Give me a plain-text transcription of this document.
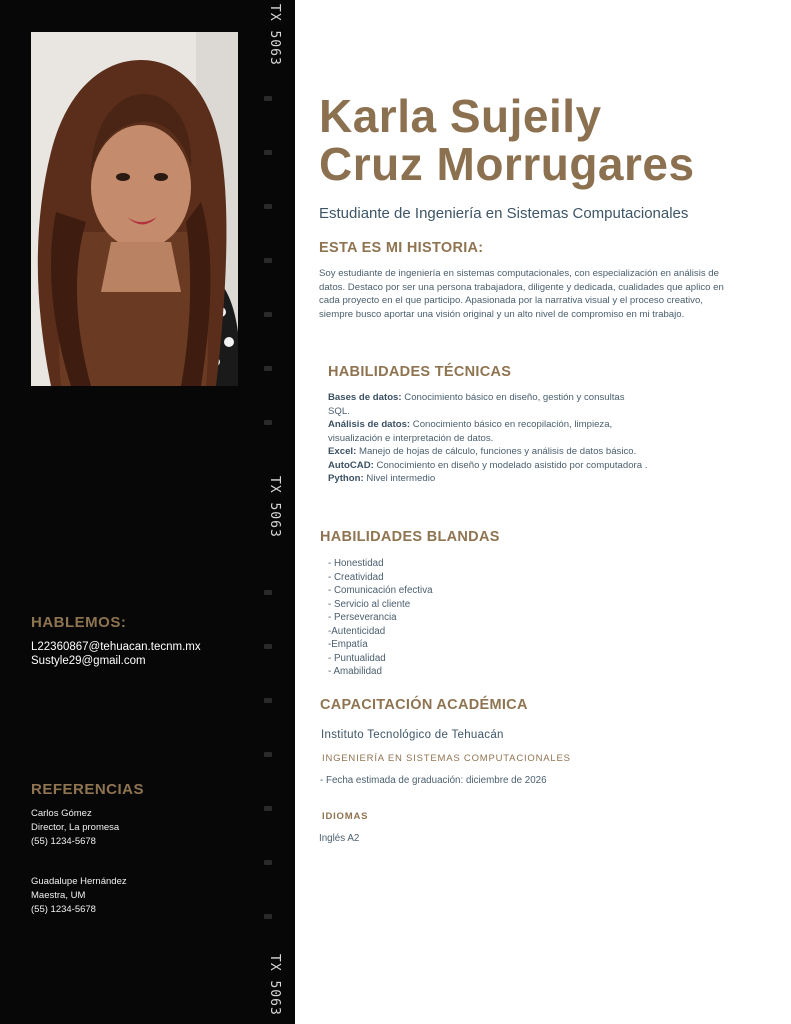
TX 5063
TX 5063
TX 5063
HABLEMOS:
L22360867@tehuacan.tecnm.mx
Sustyle29@gmail.com
REFERENCIAS
Carlos Gómez
Director, La promesa
(55) 1234-5678
Guadalupe Hernández
Maestra, UM
(55) 1234-5678
Karla Sujeily
Cruz Morrugares
Estudiante de Ingeniería en Sistemas Computacionales
ESTA ES MI HISTORIA:
Soy estudiante de ingeniería en sistemas computacionales, con especialización en análisis de datos. Destaco por ser una persona trabajadora, diligente y dedicada, cualidades que aplico en cada proyecto en el que participo. Apasionada por la narrativa visual y el proceso creativo, siempre busco aportar una visión original y un alto nivel de compromiso en mi trabajo.
HABILIDADES TÉCNICAS
Bases de datos: Conocimiento básico en diseño, gestión y consultas SQL.
Análisis de datos: Conocimiento básico en recopilación, limpieza, visualización e interpretación de datos.
Excel: Manejo de hojas de cálculo, funciones y análisis de datos básico.
AutoCAD: Conocimiento en diseño y modelado asistido por computadora .
Python: Nivel intermedio
HABILIDADES BLANDAS
- Honestidad
- Creatividad
- Comunicación efectiva
- Servicio al cliente
- Perseverancia
-Autenticidad
-Empatía
- Puntualidad
- Amabilidad
CAPACITACIÓN ACADÉMICA
Instituto Tecnológico de Tehuacán
INGENIERÍA EN SISTEMAS COMPUTACIONALES
- Fecha estimada de graduación: diciembre de 2026
IDIOMAS
Inglés A2
